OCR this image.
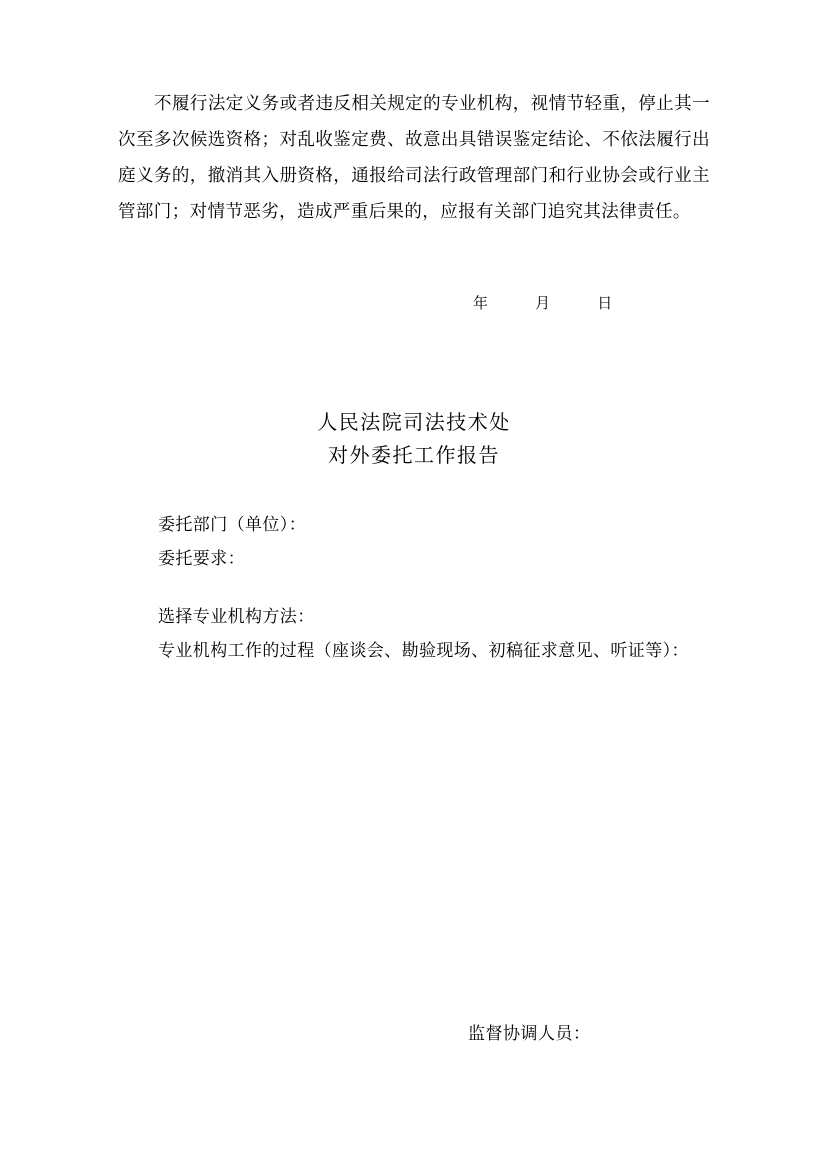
不履行法定义务或者违反相关规定的专业机构，视情节轻重，停止其一次至多次候选资格；对乱收鉴定费、故意出具错误鉴定结论、不依法履行出庭义务的，撤消其入册资格，通报给司法行政管理部门和行业协会或行业主管部门；对情节恶劣，造成严重后果的，应报有关部门追究其法律责任。
年        月        日
人民法院司法技术处
对外委托工作报告
委托部门（单位）：
委托要求：
选择专业机构方法：
专业机构工作的过程（座谈会、勘验现场、初稿征求意见、听证等）：
监督协调人员：
